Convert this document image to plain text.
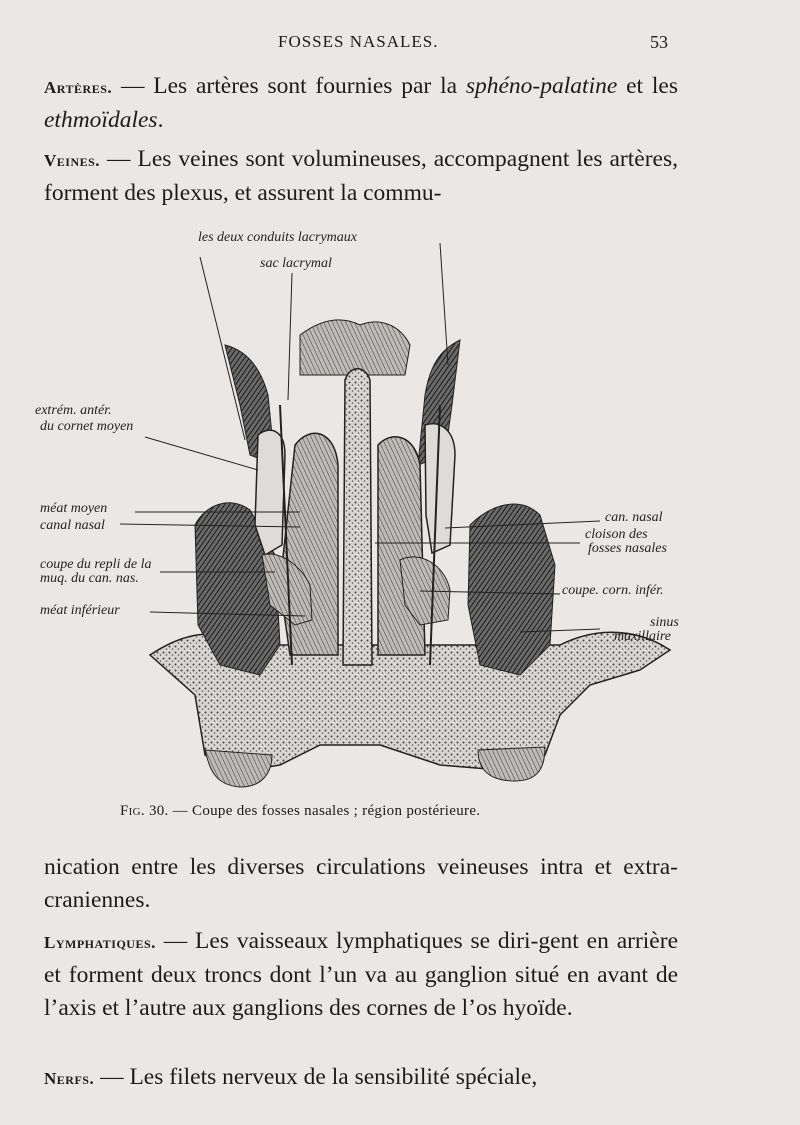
FOSSES NASALES.	53

Artères. — Les artères sont fournies par la sphéno-palatine et les ethmoïdales.

Veines. — Les veines sont volumineuses, accompagnent les artères, forment des plexus, et assurent la commu-

les deux conduits lacrymaux
sac lacrymal
extrém. antér.
du cornet moyen
méat moyen
canal nasal
coupe du repli de la
muq. du can. nas.
méat inférieur
can. nasal
cloison des
fosses nasales
coupe. corn. infér.
sinus
maxillaire
Fig. 30. — Coupe des fosses nasales ; région postérieure.

nication entre les diverses circulations veineuses intra et extra-craniennes.

Lymphatiques. — Les vaisseaux lymphatiques se diri-gent en arrière et forment deux troncs dont l’un va au ganglion situé en avant de l’axis et l’autre aux ganglions des cornes de l’os hyoïde.

Nerfs. — Les filets nerveux de la sensibilité spéciale,
